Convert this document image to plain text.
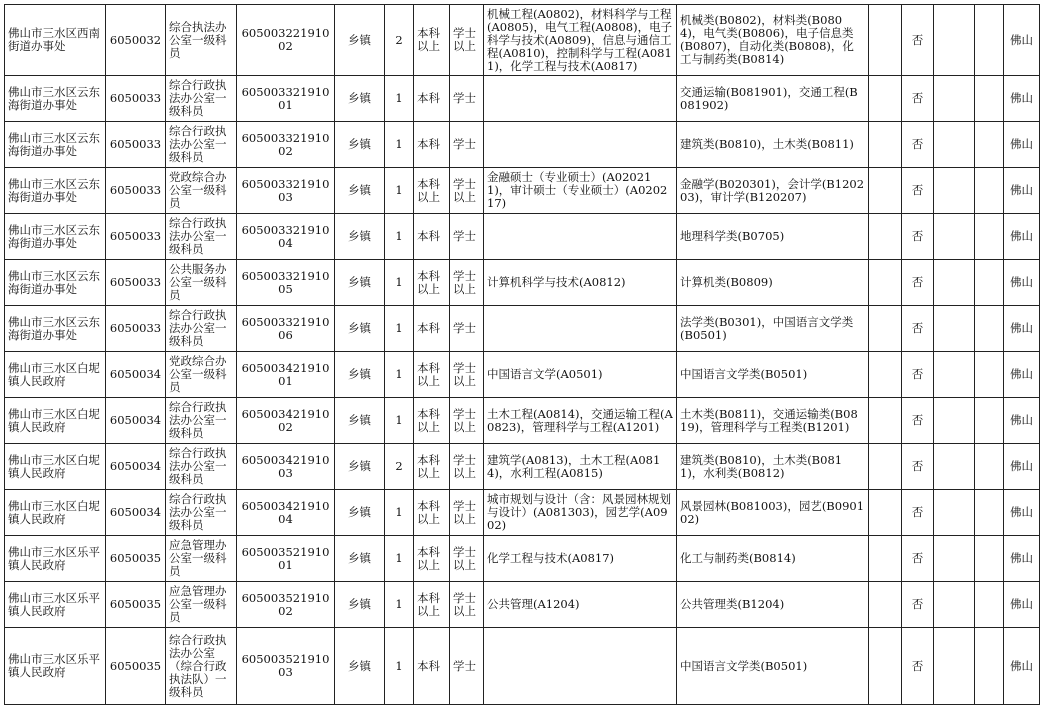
佛山市三水区西南街道办事处	6050032	综合执法办公室一级科员	60500322191002	乡镇	2	本科以上	学士以上	机械工程(A0802)，材料科学与工程(A0805)，电气工程(A0808)，电子科学与技术(A0809)，信息与通信工程(A0810)，控制科学与工程(A0811)，化学工程与技术(A0817)	机械类(B0802)，材料类(B0804)，电气类(B0806)，电子信息类(B0807)，自动化类(B0808)，化工与制药类(B0814)		否			佛山
佛山市三水区云东海街道办事处	6050033	综合行政执法办公室一级科员	60500332191001	乡镇	1	本科	学士		交通运输(B081901)，交通工程(B081902)		否			佛山
佛山市三水区云东海街道办事处	6050033	综合行政执法办公室一级科员	60500332191002	乡镇	1	本科	学士		建筑类(B0810)，土木类(B0811)		否			佛山
佛山市三水区云东海街道办事处	6050033	党政综合办公室一级科员	60500332191003	乡镇	1	本科以上	学士以上	金融硕士（专业硕士）(A020211)，审计硕士（专业硕士）(A020217)	金融学(B020301)，会计学(B120203)，审计学(B120207)		否			佛山
佛山市三水区云东海街道办事处	6050033	综合行政执法办公室一级科员	60500332191004	乡镇	1	本科	学士		地理科学类(B0705)		否			佛山
佛山市三水区云东海街道办事处	6050033	公共服务办公室一级科员	60500332191005	乡镇	1	本科以上	学士以上	计算机科学与技术(A0812)	计算机类(B0809)		否			佛山
佛山市三水区云东海街道办事处	6050033	综合行政执法办公室一级科员	60500332191006	乡镇	1	本科	学士		法学类(B0301)，中国语言文学类(B0501)		否			佛山
佛山市三水区白坭镇人民政府	6050034	党政综合办公室一级科员	60500342191001	乡镇	1	本科以上	学士以上	中国语言文学(A0501)	中国语言文学类(B0501)		否			佛山
佛山市三水区白坭镇人民政府	6050034	综合行政执法办公室一级科员	60500342191002	乡镇	1	本科以上	学士以上	土木工程(A0814)，交通运输工程(A0823)，管理科学与工程(A1201)	土木类(B0811)，交通运输类(B0819)，管理科学与工程类(B1201)		否			佛山
佛山市三水区白坭镇人民政府	6050034	综合行政执法办公室一级科员	60500342191003	乡镇	2	本科以上	学士以上	建筑学(A0813)，土木工程(A0814)，水利工程(A0815)	建筑类(B0810)，土木类(B0811)，水利类(B0812)		否			佛山
佛山市三水区白坭镇人民政府	6050034	综合行政执法办公室一级科员	60500342191004	乡镇	1	本科以上	学士以上	城市规划与设计（含：风景园林规划与设计）(A081303)，园艺学(A0902)	风景园林(B081003)，园艺(B090102)		否			佛山
佛山市三水区乐平镇人民政府	6050035	应急管理办公室一级科员	60500352191001	乡镇	1	本科以上	学士以上	化学工程与技术(A0817)	化工与制药类(B0814)		否			佛山
佛山市三水区乐平镇人民政府	6050035	应急管理办公室一级科员	60500352191002	乡镇	1	本科以上	学士以上	公共管理(A1204)	公共管理类(B1204)		否			佛山
佛山市三水区乐平镇人民政府	6050035	综合行政执法办公室（综合行政执法队）一级科员	60500352191003	乡镇	1	本科	学士		中国语言文学类(B0501)		否			佛山
